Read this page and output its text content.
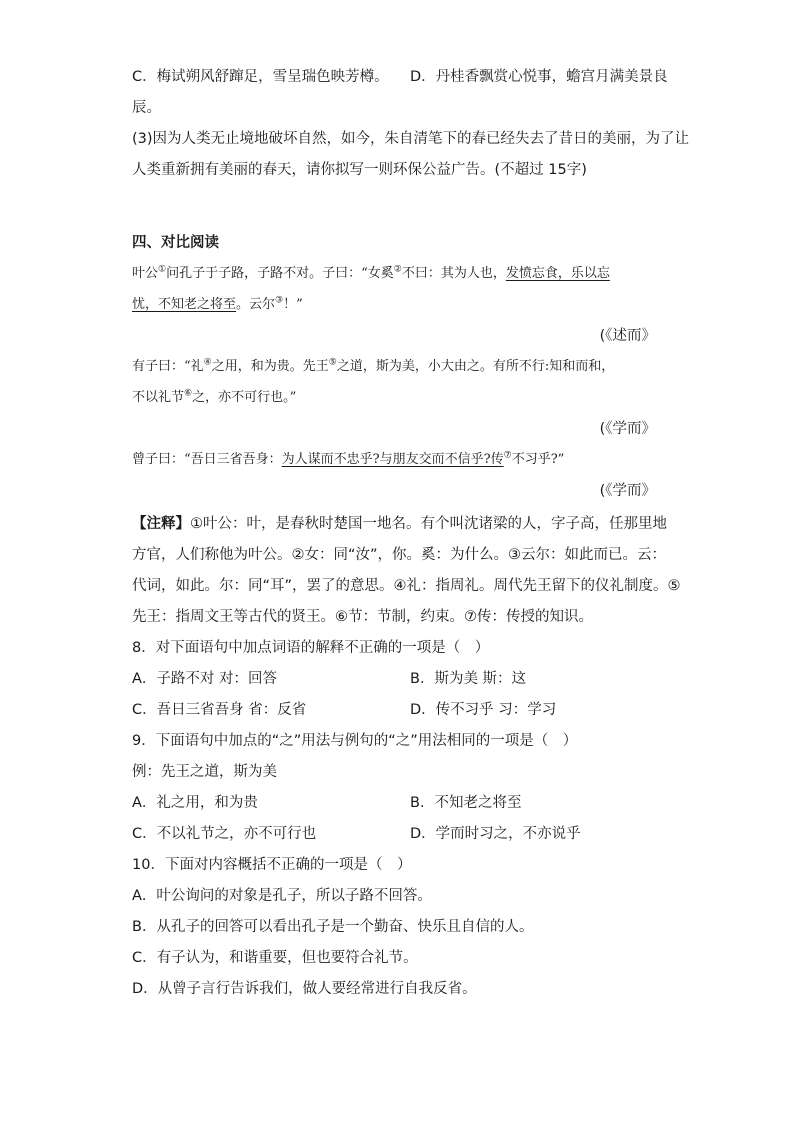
C．梅试朔风舒蹿足，雪呈瑞色映芳樽。 D．丹桂香飘赏心悦事，蟾宫月满美景良
辰。
(3)因为人类无止境地破坏自然，如今，朱自清笔下的春已经失去了昔日的美丽，为了让
人类重新拥有美丽的春天，请你拟写一则环保公益广告。(不超过 15字)
四、对比阅读
叶公①问孔子于子路，子路不对。子曰：“女奚②不曰：其为人也，发愤忘食，乐以忘
忧，不知老之将至。云尔③！”
(《述而》
有子曰：“礼④之用，和为贵。先王⑤之道，斯为美，小大由之。有所不行:知和而和，
不以礼节⑥之，亦不可行也。”
(《学而》
曾子曰：“吾日三省吾身：为人谋而不忠乎?与朋友交而不信乎?传⑦不习乎?”
(《学而》
【注释】①叶公：叶，是春秋时楚国一地名。有个叫沈诸梁的人，字子高，任那里地
方官，人们称他为叶公。②女：同“汝”，你。奚：为什么。③云尔：如此而已。云：
代词，如此。尔：同“耳”，罢了的意思。④礼：指周礼。周代先王留下的仪礼制度。⑤
先王：指周文王等古代的贤王。⑥节：节制，约束。⑦传：传授的知识。
8．对下面语句中加点词语的解释不正确的一项是（　）
A．子路不对 对：回答	B．斯为美 斯：这
C．吾日三省吾身 省：反省	D．传不习乎 习：学习
9．下面语句中加点的“之”用法与例句的“之”用法相同的一项是（　）
例：先王之道，斯为美
A．礼之用，和为贵	B．不知老之将至
C．不以礼节之，亦不可行也	D．学而时习之，不亦说乎
10．下面对内容概括不正确的一项是（　）
A．叶公询问的对象是孔子，所以子路不回答。
B．从孔子的回答可以看出孔子是一个勤奋、快乐且自信的人。
C．有子认为，和谐重要，但也要符合礼节。
D．从曾子言行告诉我们，做人要经常进行自我反省。
